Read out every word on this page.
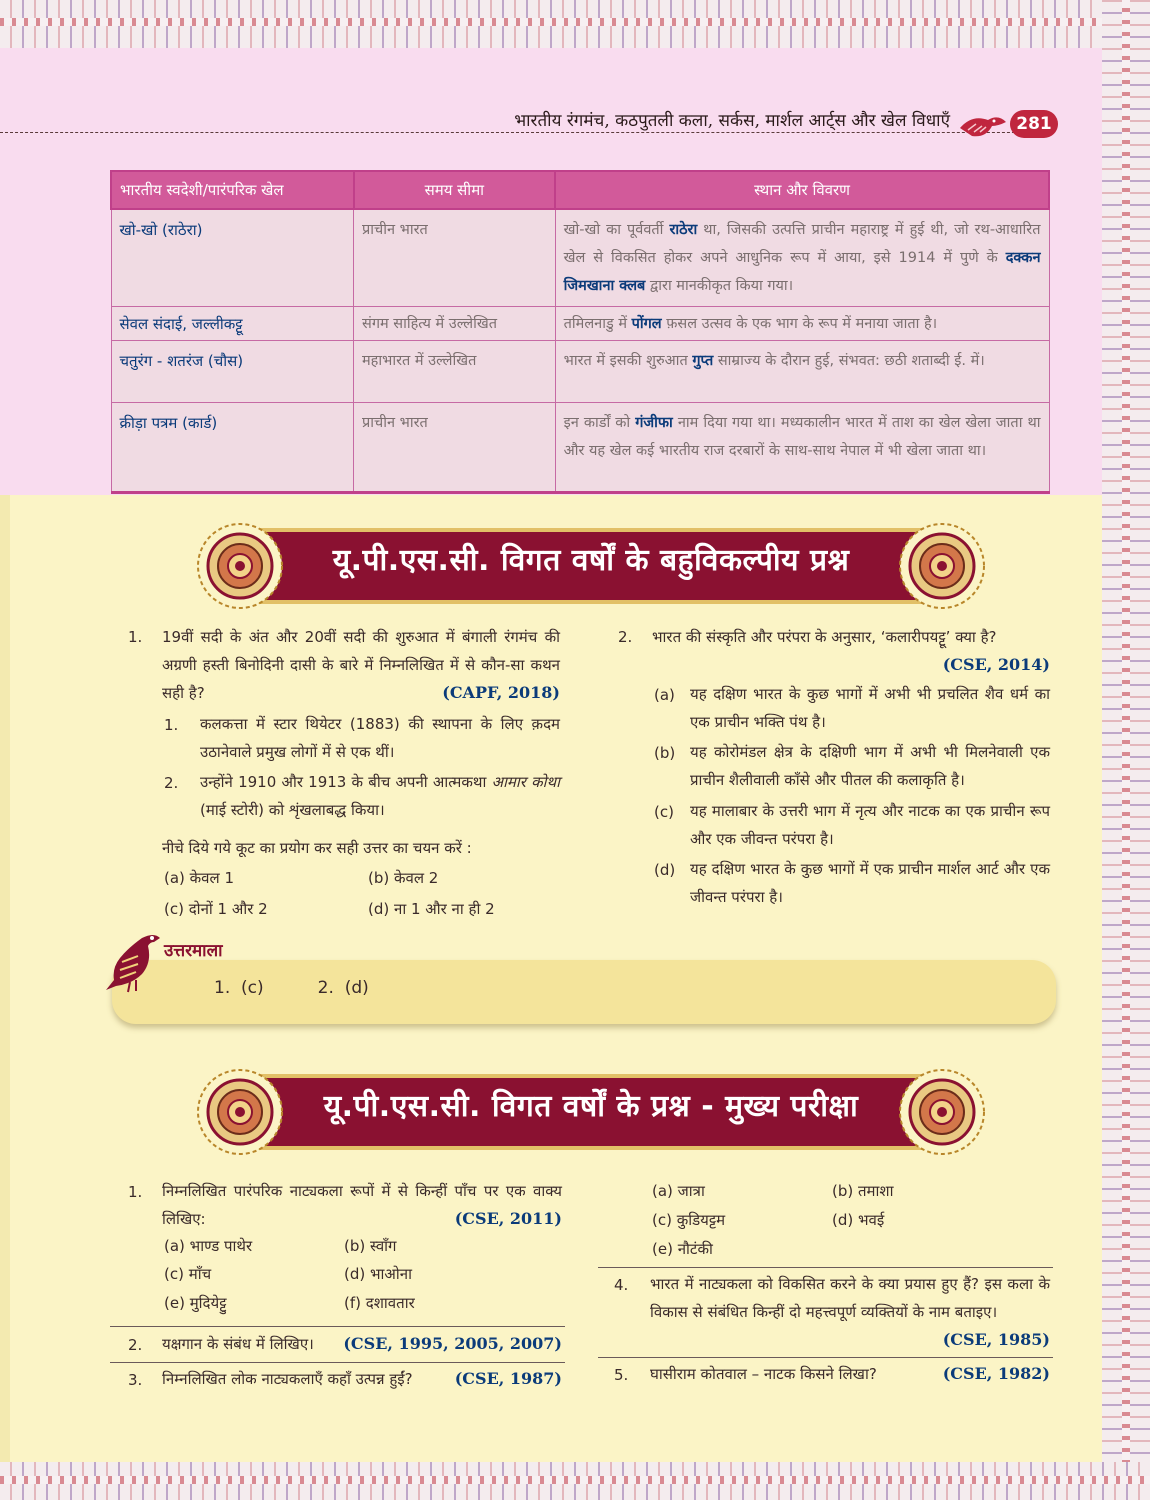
भारतीय रंगमंच, कठपुतली कला, सर्कस, मार्शल आर्ट्स और खेल विधाएँ	281
भारतीय स्वदेशी/पारंपरिक खेल	समय सीमा	स्थान और विवरण
खो-खो (राठेरा)	प्राचीन भारत	खो-खो का पूर्ववर्ती राठेरा था, जिसकी उत्पत्ति प्राचीन महाराष्ट्र में हुई थी, जो रथ-आधारित खेल से विकसित होकर अपने आधुनिक रूप में आया, इसे 1914 में पुणे के दक्कन जिमखाना क्लब द्वारा मानकीकृत किया गया।
सेवल संदाई, जल्लीकट्टू	संगम साहित्य में उल्लेखित	तमिलनाडु में पोंगल फ़सल उत्सव के एक भाग के रूप में मनाया जाता है।
चतुरंग - शतरंज (चौस)	महाभारत में उल्लेखित	भारत में इसकी शुरुआत गुप्त साम्राज्य के दौरान हुई, संभवत: छठी शताब्दी ई. में।
क्रीड़ा पत्रम (कार्ड)	प्राचीन भारत	इन कार्डों को गंजीफा नाम दिया गया था। मध्यकालीन भारत में ताश का खेल खेला जाता था और यह खेल कई भारतीय राज दरबारों के साथ-साथ नेपाल में भी खेला जाता था।
यू.पी.एस.सी. विगत वर्षों के बहुविकल्पीय प्रश्न
1. 19वीं सदी के अंत और 20वीं सदी की शुरुआत में बंगाली रंगमंच की अग्रणी हस्ती बिनोदिनी दासी के बारे में निम्नलिखित में से कौन-सा कथन सही है?	(CAPF, 2018)
1. कलकत्ता में स्टार थियेटर (1883) की स्थापना के लिए क़दम उठानेवाले प्रमुख लोगों में से एक थीं।
2. उन्होंने 1910 और 1913 के बीच अपनी आत्मकथा आमार कोथा (माई स्टोरी) को शृंखलाबद्ध किया।
नीचे दिये गये कूट का प्रयोग कर सही उत्तर का चयन करें :
(a) केवल 1	(b) केवल 2
(c) दोनों 1 और 2	(d) ना 1 और ना ही 2
2. भारत की संस्कृति और परंपरा के अनुसार, ‘कलारीपयट्टू’ क्या है?
(CSE, 2014)
(a) यह दक्षिण भारत के कुछ भागों में अभी भी प्रचलित शैव धर्म का एक प्राचीन भक्ति पंथ है।
(b) यह कोरोमंडल क्षेत्र के दक्षिणी भाग में अभी भी मिलनेवाली एक प्राचीन शैलीवाली काँसे और पीतल की कलाकृति है।
(c) यह मालाबार के उत्तरी भाग में नृत्य और नाटक का एक प्राचीन रूप और एक जीवन्त परंपरा है।
(d) यह दक्षिण भारत के कुछ भागों में एक प्राचीन मार्शल आर्ट और एक जीवन्त परंपरा है।
उत्तरमाला
1.  (c)          2.  (d)
यू.पी.एस.सी. विगत वर्षों के प्रश्न - मुख्य परीक्षा
1. निम्नलिखित पारंपरिक नाट्यकला रूपों में से किन्हीं पाँच पर एक वाक्य लिखिए:	(CSE, 2011)
(a) भाण्ड पाथेर	(b) स्वाँग
(c) माँच	(d) भाओना
(e) मुदियेट्टु	(f) दशावतार
2. यक्षगान के संबंध में लिखिए। (CSE, 1995, 2005, 2007)
3. निम्नलिखित लोक नाट्यकलाएँ कहाँ उत्पन्न हुईं?	(CSE, 1987)
(a) जात्रा	(b) तमाशा
(c) कुडियट्टम	(d) भवई
(e) नौटंकी
4. भारत में नाट्यकला को विकसित करने के क्या प्रयास हुए हैं? इस कला के विकास से संबंधित किन्हीं दो महत्त्वपूर्ण व्यक्तियों के नाम बताइए।
(CSE, 1985)
5. घासीराम कोतवाल – नाटक किसने लिखा?	(CSE, 1982)
